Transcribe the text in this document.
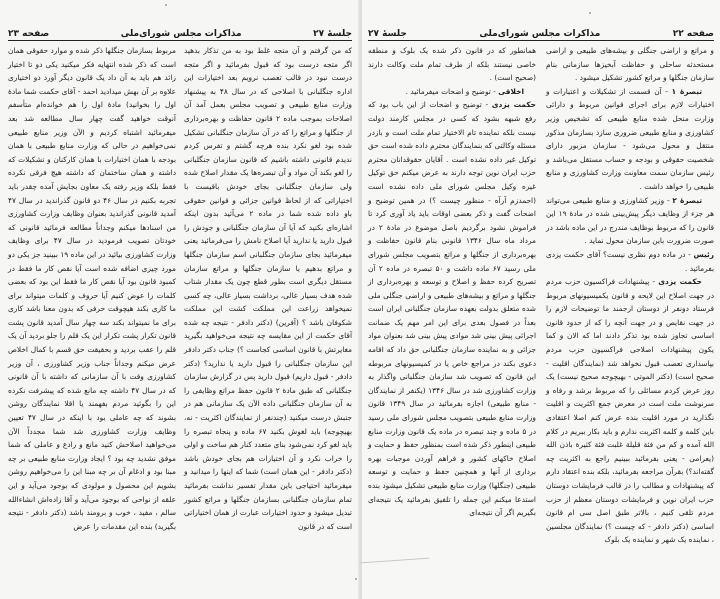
جلسهٔ ۲۷
مذاکرات مجلس شورای‌ملی
صفحه ۲۳

که من گرفتم و آن متجه غلط بود به من تذکار بدهید اگر متجه درست بود که قبول بفرمائید و اگر متجه درست نبود در قالب تعصب نرویم بعد اختیارات این اداره جنگلبانی با اصلاحی که در سال ۴۸ به پیشنهاد وزارت منابع طبیعی و تصویب مجلس بعمل آمد آن اصلاحات بموجب ماده ۲ قانون حفاظت و بهره‌برداری از جنگلها و مراتع را که در آن سازمان جنگلبانی تشکیل شده بود لغو نکرد بنده هرچه گشتم و تفرس کردم ندیدم قانونی داشته باشیم که قانون سازمان جنگلبانی را لغو بکند آن مواد و آن تبصره‌ها یک مقدار اصلاح شده ولی سازمان جنگلبانی بجای خودش باقیست با اختیاراتی که از لحاظ قوانین جزائی و قوانین حقوقی باو داده شده شما در ماده ۲ می‌آئید بدون اینکه اشاره‌ای بکنید که آیا آن سازمان جنگلبانی و جودش را قبول دارید یا ندارید آیا اصلاح نامش را می‌فرمائید یعنی میفرمائید بجای سازمان جنگلبانی اسم سازمان جنگلها و مراتع بدهیم یا سازمان جنگلها و مراتع سازمان مستقل دیگری است بطور قطع چون یک مقدار شتاب شده هدف بسیار عالی، برداشت بسیار عالی، چه کسی نمیخواهد زراعت این مملکت کشت این مملکت شکوفان باشد ؟ (آفرین) (دکتر دادفر - نتیجه چه شده آقای حکمت از این مقایسه چه نتیجه می‌خواهید بگیرید مغایرتش با قانون اساسی کجاست ؟) جناب دکتر دادفر این سازمان جنگلبانی را قبول دارید یا ندارید؟ (دکتر دادفر - قبول داریم) قبول دارید پس در گزارش سازمان جنگلبانی که طبق مادهٔ ۲ قانون حفظ مراتع وظایفی را به آن سازمان جنگلبانی داده الآن یک سازمانی هم در جنبش درست میکنید (چندنفر از نمایندگان اکثریت - نه، بهیچوجه) باید لغوش بکنید ۶۷ ماده و پنجاه تبصره را باید لغو کرد نمی‌شود بنای متعدد کنار هم ساخت و اولی را خراب نکرد و آن اختیارات هم بجای خودش باشد (دکتر دادفر - این همان است) شما که اینها را میدانید و میفرمائید احتیاجی باین مقدار تفسیر نداشت بفرمائید تمام سازمان جنگلبانی بسازمان جنگلها و مراتع کشور تبدیل میشود و حدود اختیارات عبارت از همان اختیاراتی است که در قانون

مربوط بسازمان جنگلها ذکر شده و موارد حقوقی همان است که ذکر شده انتهایه فکر میکنید یکی دو تا اختیار زائد هم باید به آن داد یک قانون دیگر آورد دو اختیاری علاوه بر آن بهش میدادید احمد - آقای حکمت شما مادهٔ اول را بخوانید) مادهٔ اول را هم خوانده‌ام متأسفم آنوقت خواهید گفت چهار سال مطالعه شد بعد میفرمائید اشتباه کردیم و الآن وزیر منابع طبیعی نمی‌خواهیم در حالی که وزارت منابع طبیعی با همان بودجه با همان اختیارات با همان کارکنان و تشکیلات که داشته و همان ساختمان که داشته هیچ فرقی نکرده فقط بلکه وزیر رفته یک معاون بجایش آمده چقدر باید تجربه بکنیم در سال ۴۶ دو قانون گذراندید در سال ۴۷ آمدید قانونی گذراندید بعنوان وظایف وزارت کشاورزی من اسنادها میکنم وجداناً مطالعه فرمائید قانونی که خودتان تصویب فرمودید در سال ۴۷ برای وظایف وزارت کشاورزی بیائید در این ماده ۱۹ ببینید جز یکی دو مورد چیزی اضافه شده است آیا نقص کار ما فقط در کمبود قانون بود آیا نقص کار ما فقط این بود که بعضی کلمات را عوض کنیم آیا حروف و کلمات میتواند برای ما کاری بکند هیچوقت حرفی که بدون معنا باشد کاری برای ما نمیتواند بکند سه چهار سال آمدید قانون پشت قانون تکرار پشت تکرار این یک قلم را جلو بردید آن یک قلم را عقب بردید و بحقیقت حق قسم با کمال اخلاص عرض میکنم وجداناً جناب وزیر کشاورزی ، آن وزیر کشاورزی وقت با آن سازمانی که داشته با آن قانونی که در سال ۴۷ داشته چه مانع شده که پیشرفت نکرده این را بگوئید مردم بفهمند یا اقلا نمایندگان روشن بشوند که چه عاملی بود با اینکه در سال ۴۷ تعیین وظایف وزارت کشاورزی شد شما مجدداً الآن می‌خواهید اصلاحش کنید مانع و رادع و عاملی که شما موفق نشدید چه بود ؟ ایجاد وزارت منابع طبیعی بر چه مبنا بود و ادغام آن بر چه مبنا این را می‌خواهیم روشن بشویم این محصول و مولودی که بوجود می‌آید و این علقه از نواحی که بوجود می‌آید و آقا زاده‌اش انشاءالله سالم ، مفید ، خوب و برومند باشد (دکتر دادفر - نتیجه بگیرید) بنده این مقدمات را عرض

صفحه ۲۲
مذاکرات مجلس شورای‌ملی
جلسهٔ ۲۷

و مراتع و اراضی جنگلی و بیشه‌های طبیعی و اراضی مستحدثه ساحلی و حفاظت آبخیزها سازمانی بنام سازمان جنگلها و مراتع کشور تشکیل میشود .

تبصرهٔ ۱ - آن قسمت از تشکیلات و اعتبارات و اختیارات لازم برای اجرای قوانین مربوط و دارائی وزارت منحل شده منابع طیبعی که تشخیص وزیر کشاورزی و منابع طبیعی ضروری سازد بسازمان مذکور منتقل و محول می‌شود - سازمان مزبور دارای شخصیت حقوقی و بودجه و حساب مستقل می‌باشد و رئیس سازمان سمت معاونت وزارت کشاورزی و منابع طبیعی را خواهد داشت .

تبصرهٔ ۲ - وزیر کشاورزی و منابع طبیعی می‌تواند هر جزء از وظایف دیگر پیش‌بینی شده در مادهٔ ۱۹ این قانون را که مربوط بوظایف مندرج در این ماده باشد در صورت ضرورت باین سازمان محول نماید .

رئیس - در ماده دوم نظری نیست؟ آقای حکمت یزدی بفرمائید .

حکمت یزدی - پیشنهادات فراکسیون حزب مردم در جهت اصلاح این لایحه و قانون یکمیسیونهای مربوط فرستاد دونفر از دوستان ارجمند ما توضیحات لازم را در جهت نقایص و در جهت آنچه را که از حدود قانون اساسی تجاوز شده بود تذکر دادند اما که الان و کما یکون پیشنهادات اصلاحی فراکسیون حزب مردم بپاسداری تعصب قبول نخواهد شد (نمایندگان اقلیت - صحیح است) (دکتر الموتی - بهیچوجه صحیح نیست) یک روز عرض کردم مسائلی را که مربوط برشد و رفاه و سرنوشت ملت است در معرض جمع اکثریت و اقلیت نگذارید در مورد اقلیت بنده عرض کنم اصلا اعتقادی باین کلمه و کلمه اکثریت ندارم و باید بکار ببریم در کلام الله آمده و کم من فئة قلیلة غلبت فئة کثیرة باذن الله (یعرامی - یعنی بفرمائید ببینیم راجع به اکثریت چه گفته‌اند؟) بقرآن مراجعه بفرمائید، بلکه بنده اعتقاد دارم که پیشنهادات و مطالب را در قالب فرمایشات دوستان حزب ایران نوین و فرمایشات دوستان معظم از حزب مردم تلقی کنیم ، بالاتر طبق اصل سی ام قانون اساسی (دکتر دادفر - که چیست ؟) نمایندگان مجلسین ، نماینده یک شهر و نماینده یک بلوک

همانطور که در قانون ذکر شده یک بلوک و منطقه خاصی نیستند بلکه از طرف تمام ملت وکالت دارند (صحیح است) .

اخلاقی - توضیح و اضحات میفرمائید .

حکمت یزدی - توضیح و اضحات از این باب بود که رفع شبهه بشود که کسی در مجلس کارمند دولت نیست بلکه نماینده تام الاختیار تمام ملت است و بازدر مسئله وکالتی که بنمایندگان محترم داده شده است حق توکیل غیر داده نشده است . آقایان حقوقدانان محترم حزب ایران نوین توجه دارند به عرض میکنم حق توکیل غیره وکیل مجلس شورای ملی داده نشده است (احمدزم آرآه - منظور چیست ؟) در همین توضیح و اضحات گفت و ذکر بعضی اوقات باید یاد آوری کرد تا فراموش نشود برگردیم باصل موضوع در مادهٔ ۲ در مرداد ماه سال ۱۳۴۶ قانونی بنام قانون حفاظت و بهره‌برداری از جنگلها و مراتع بتصویب مجلس شورای ملی رسید ۶۷ ماده داشت و ۵۰ تبصره در ماده ۲ آن تصریح کرده حفظ و اصلاح و توسعه و بهره‌برداری از جنگلها و مراتع و بیشه‌های طبیعی و اراضی جنگلی ملی شده متعلق بدولت بعهده سازمان جنگلبانی ایران است بعداً در فصول بعدی برای این امر مهم یک ضمانت اجرائی پیش بینی شد موادی پیش بینی شد بعنوان مواد جزائی و به نماینده سازمان جنگلبانی حق داد که اقامه دعوی بکند در مراجع خاص یا در کمیسیونهای مربوطه این قانون که تصویب شد سازمان جنگلبانی واگذار به وزارت کشاورزی شد در سال ۱۳۴۶ (یکنفر از نمایندگان - منابع طبیعی) اجازه بفرمائید در سال ۱۳۴۹ قانون وزارت منابع طبیعی بتصویب مجلس شورای ملی رسید در ۵ ماده و چند تبصره در ماده یک قانون وزارت منابع طبیعی اینطور ذکر شده است بمنظور حفظ و حمایت و اصلاح خاکهای کشور و فراهم آوردن موجبات بهره برداری از آنها و همچنین حفظ و حمایت و توسعه طبیعی (جنگلها) وزارت منابع طبیعی تشکیل میشود بنده استدعا میکنم این جمله را تلفیق بفرمائید یک نتیجه‌ای بگیریم اگر آن نتیجه‌ای
